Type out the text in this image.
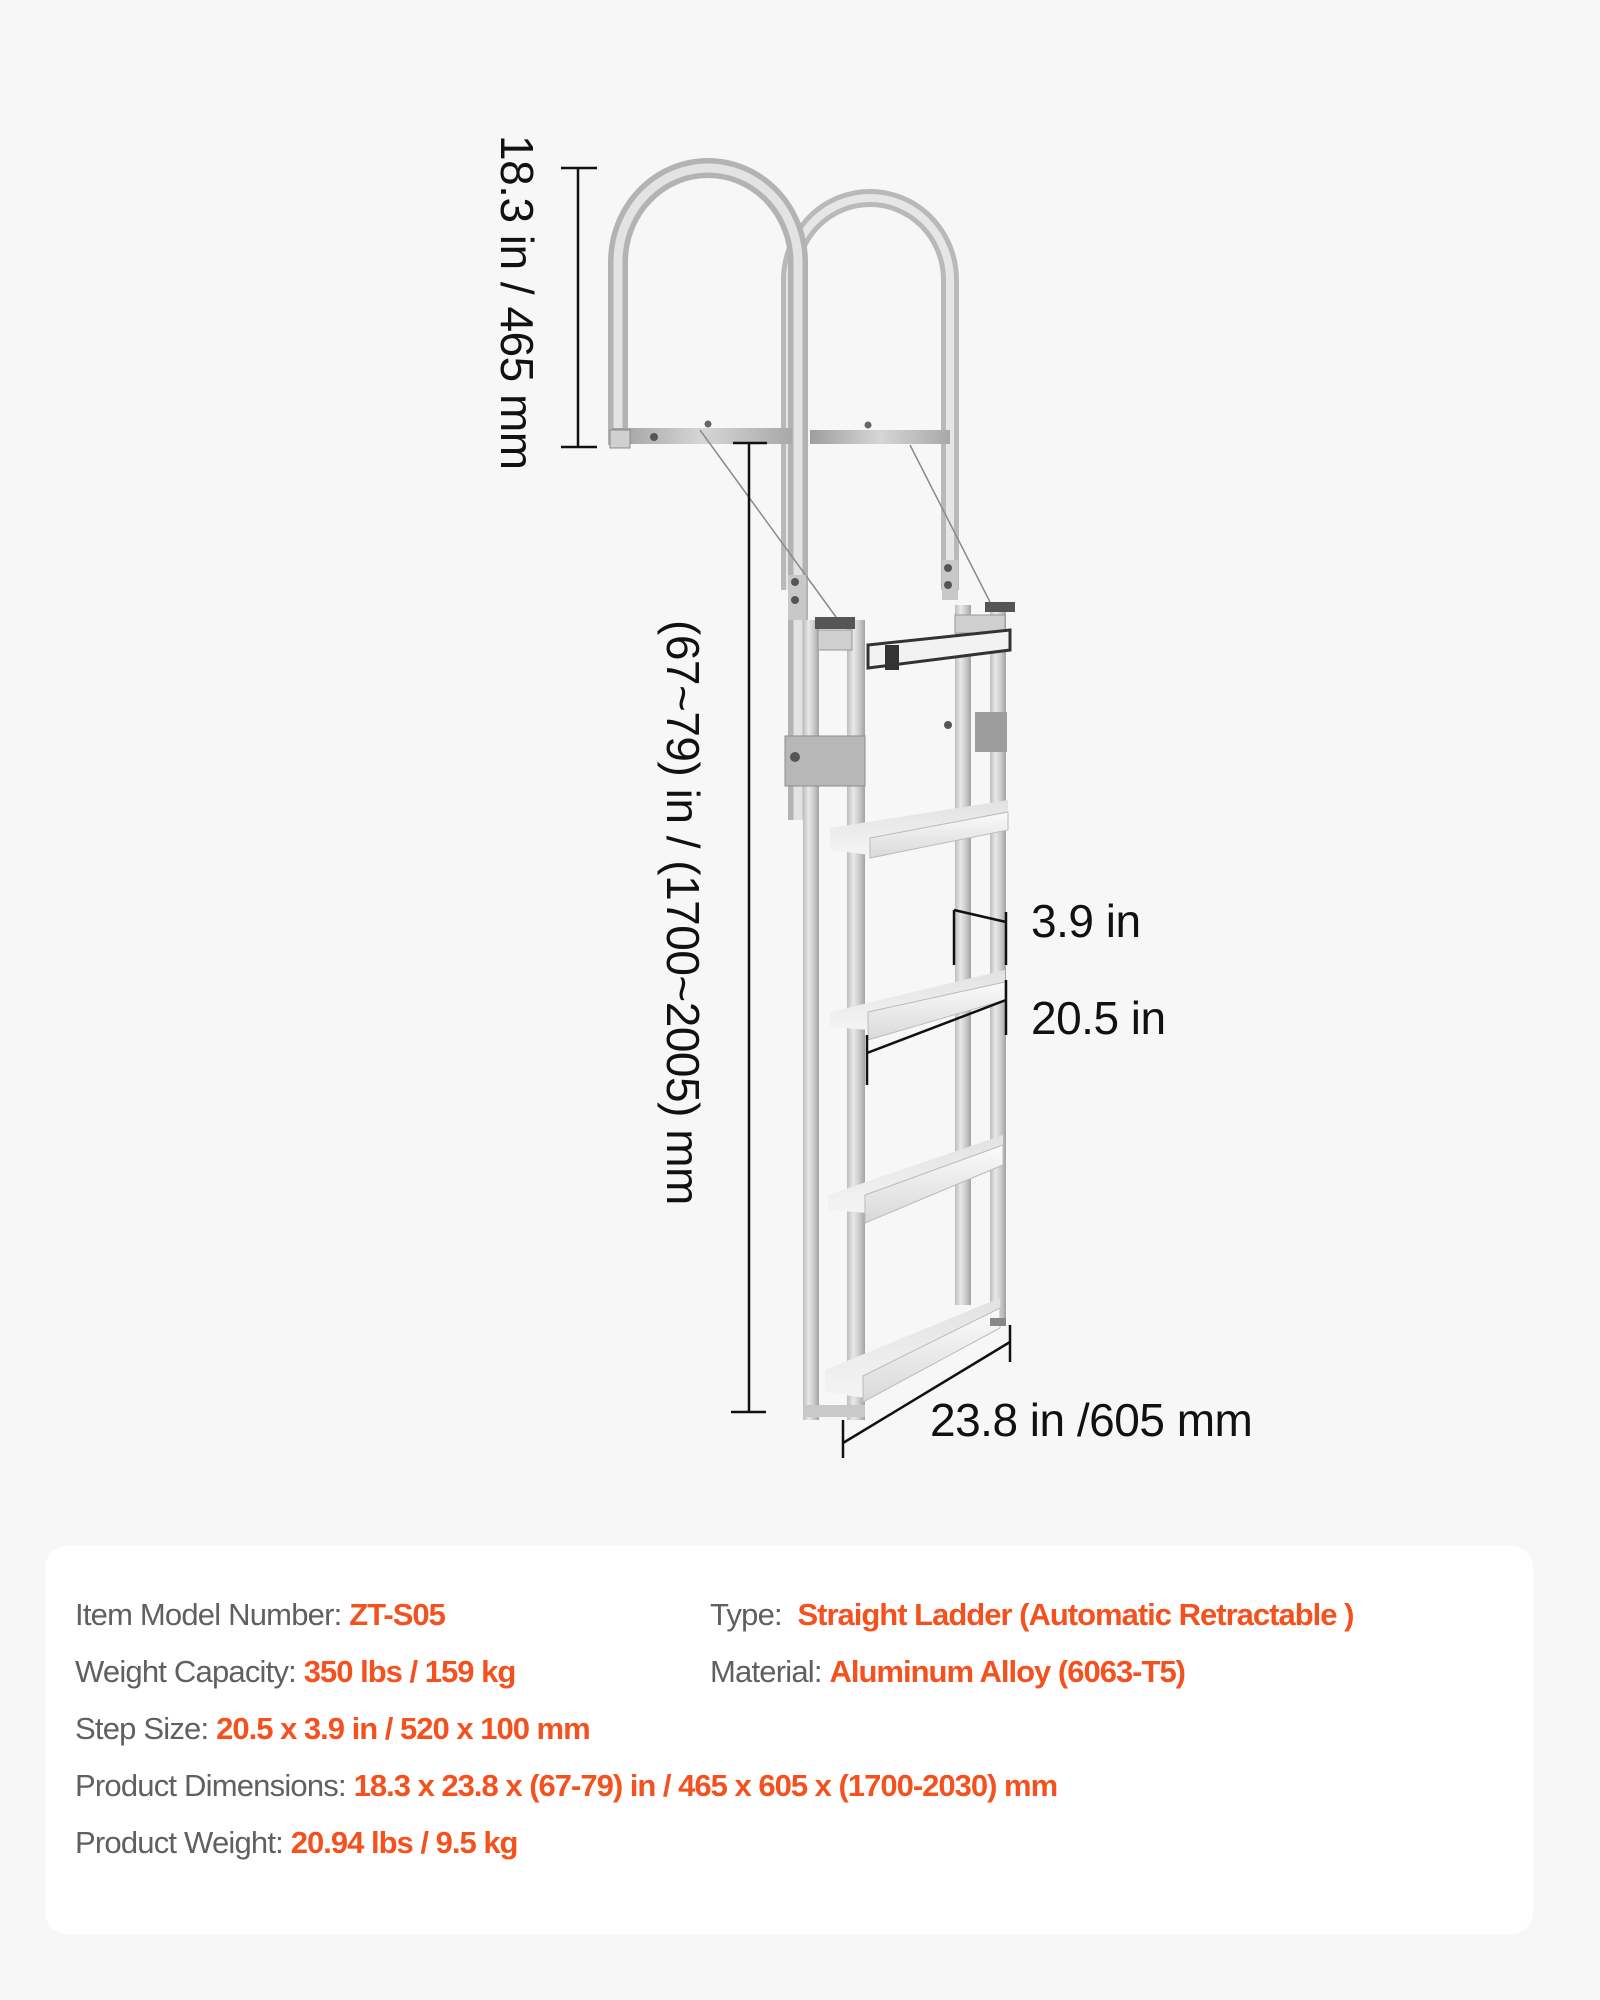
18.3 in / 465 mm
(67~79) in / (1700~2005) mm	3.9 in
20.5 in
23.8 in /605 mm
Item Model Number: ZT-S05	Type:  Straight Ladder (Automatic Retractable )
Weight Capacity: 350 lbs / 159 kg	Material: Aluminum Alloy (6063-T5)
Step Size: 20.5 x 3.9 in / 520 x 100 mm
Product Dimensions: 18.3 x 23.8 x (67-79) in / 465 x 605 x (1700-2030) mm
Product Weight: 20.94 lbs / 9.5 kg
